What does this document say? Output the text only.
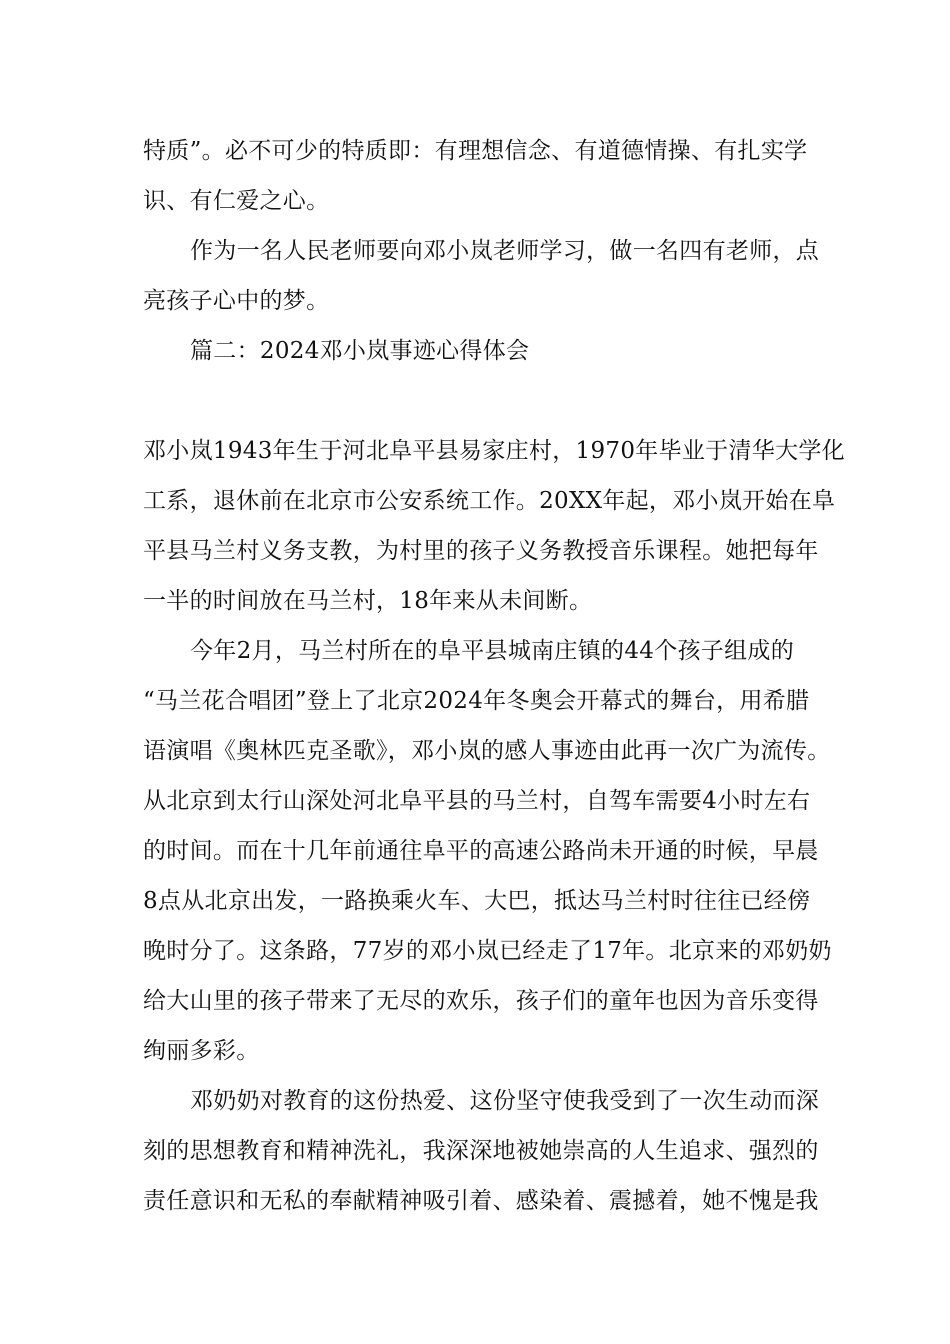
特质”。必不可少的特质即：有理想信念、有道德情操、有扎实学
识、有仁爱之心。
作为一名人民老师要向邓小岚老师学习，做一名四有老师，点
亮孩子心中的梦。
篇二：2024邓小岚事迹心得体会
邓小岚1943年生于河北阜平县易家庄村，1970年毕业于清华大学化
工系，退休前在北京市公安系统工作。20XX年起，邓小岚开始在阜
平县马兰村义务支教，为村里的孩子义务教授音乐课程。她把每年
一半的时间放在马兰村，18年来从未间断。
今年2月，马兰村所在的阜平县城南庄镇的44个孩子组成的
“马兰花合唱团”登上了北京2024年冬奥会开幕式的舞台，用希腊
语演唱《奥林匹克圣歌》，邓小岚的感人事迹由此再一次广为流传。
从北京到太行山深处河北阜平县的马兰村，自驾车需要4小时左右
的时间。而在十几年前通往阜平的高速公路尚未开通的时候，早晨
8点从北京出发，一路换乘火车、大巴，抵达马兰村时往往已经傍
晚时分了。这条路，77岁的邓小岚已经走了17年。北京来的邓奶奶
给大山里的孩子带来了无尽的欢乐，孩子们的童年也因为音乐变得
绚丽多彩。
邓奶奶对教育的这份热爱、这份坚守使我受到了一次生动而深
刻的思想教育和精神洗礼，我深深地被她崇高的人生追求、强烈的
责任意识和无私的奉献精神吸引着、感染着、震撼着，她不愧是我
